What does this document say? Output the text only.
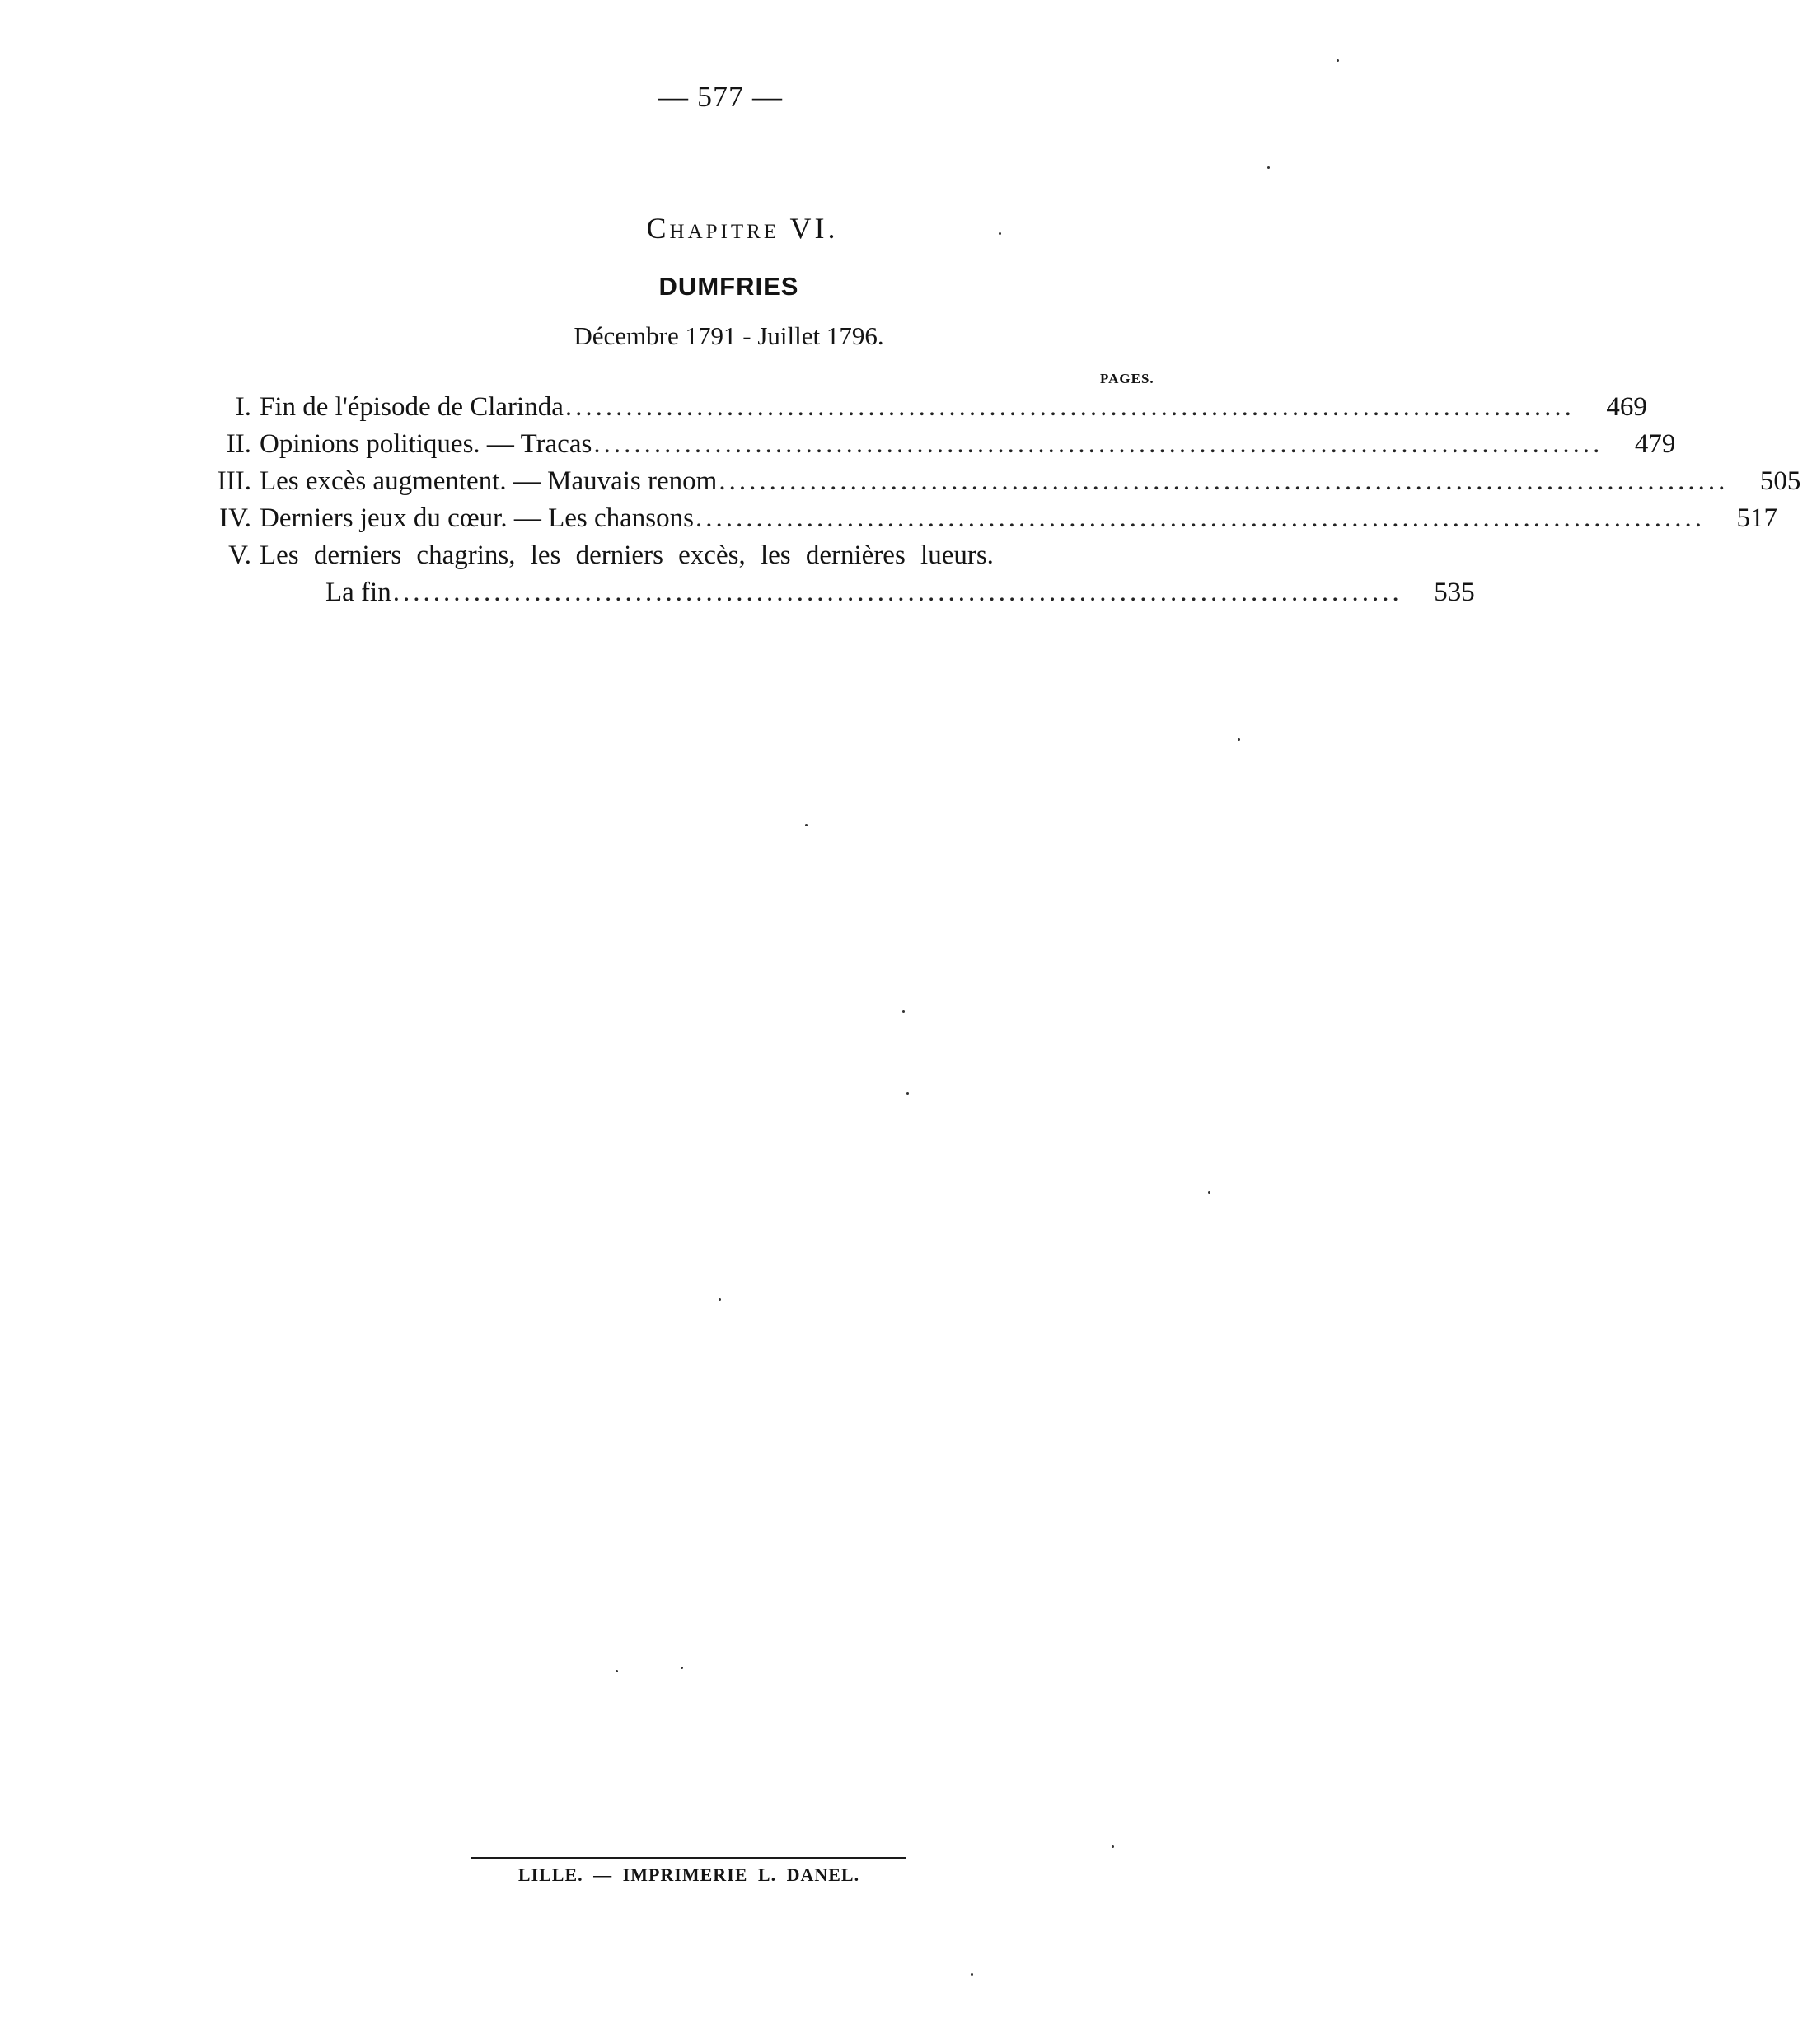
— 577 —
Chapitre VI.
DUMFRIES
Décembre 1791 - Juillet 1796.
PAGES.
I. Fin de l'épisode de Clarinda ....................................................................................................	469
II. Opinions politiques. — Tracas ....................................................................................................	479
III. Les excès augmentent. — Mauvais renom ....................................................................................................	505
IV. Derniers jeux du cœur. — Les chansons ....................................................................................................	517
V. Les derniers chagrins, les derniers excès, les dernières lueurs.
La fin ....................................................................................................	535
LILLE. — IMPRIMERIE L. DANEL.
